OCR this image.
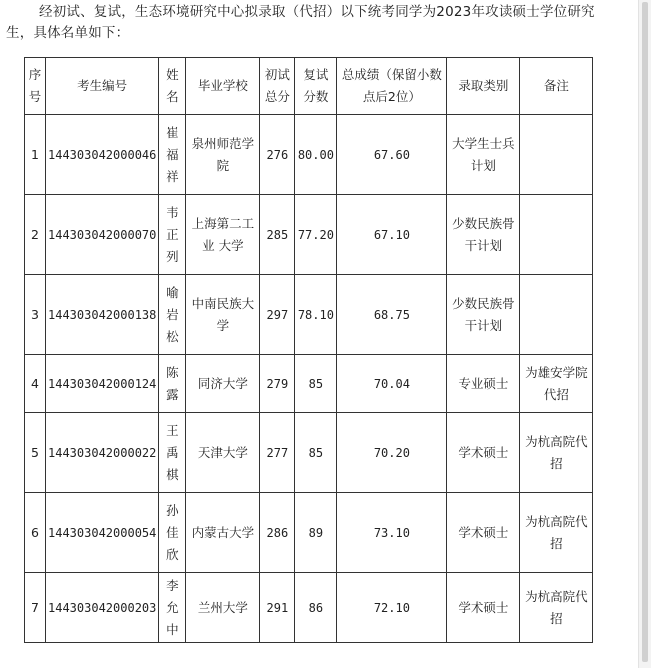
经初试、复试，生态环境研究中心拟录取（代招）以下统考同学为2023年攻读硕士学位研究生，具体名单如下：

序号	考生编号	姓名	毕业学校	初试总分	复试分数	总成绩（保留小数点后2位）	录取类别	备注
1	144303042000046	崔福祥	泉州师范学院	276	80.00	67.60	大学生士兵计划	
2	144303042000070	韦正列	上海第二工业 大学	285	77.20	67.10	少数民族骨干计划	
3	144303042000138	喻岩松	中南民族大学	297	78.10	68.75	少数民族骨干计划	
4	144303042000124	陈露	同济大学	279	85	70.04	专业硕士	为雄安学院代招
5	144303042000022	王禹棋	天津大学	277	85	70.20	学术硕士	为杭高院代招
6	144303042000054	孙佳欣	内蒙古大学	286	89	73.10	学术硕士	为杭高院代招
7	144303042000203	李允中	兰州大学	291	86	72.10	学术硕士	为杭高院代招
